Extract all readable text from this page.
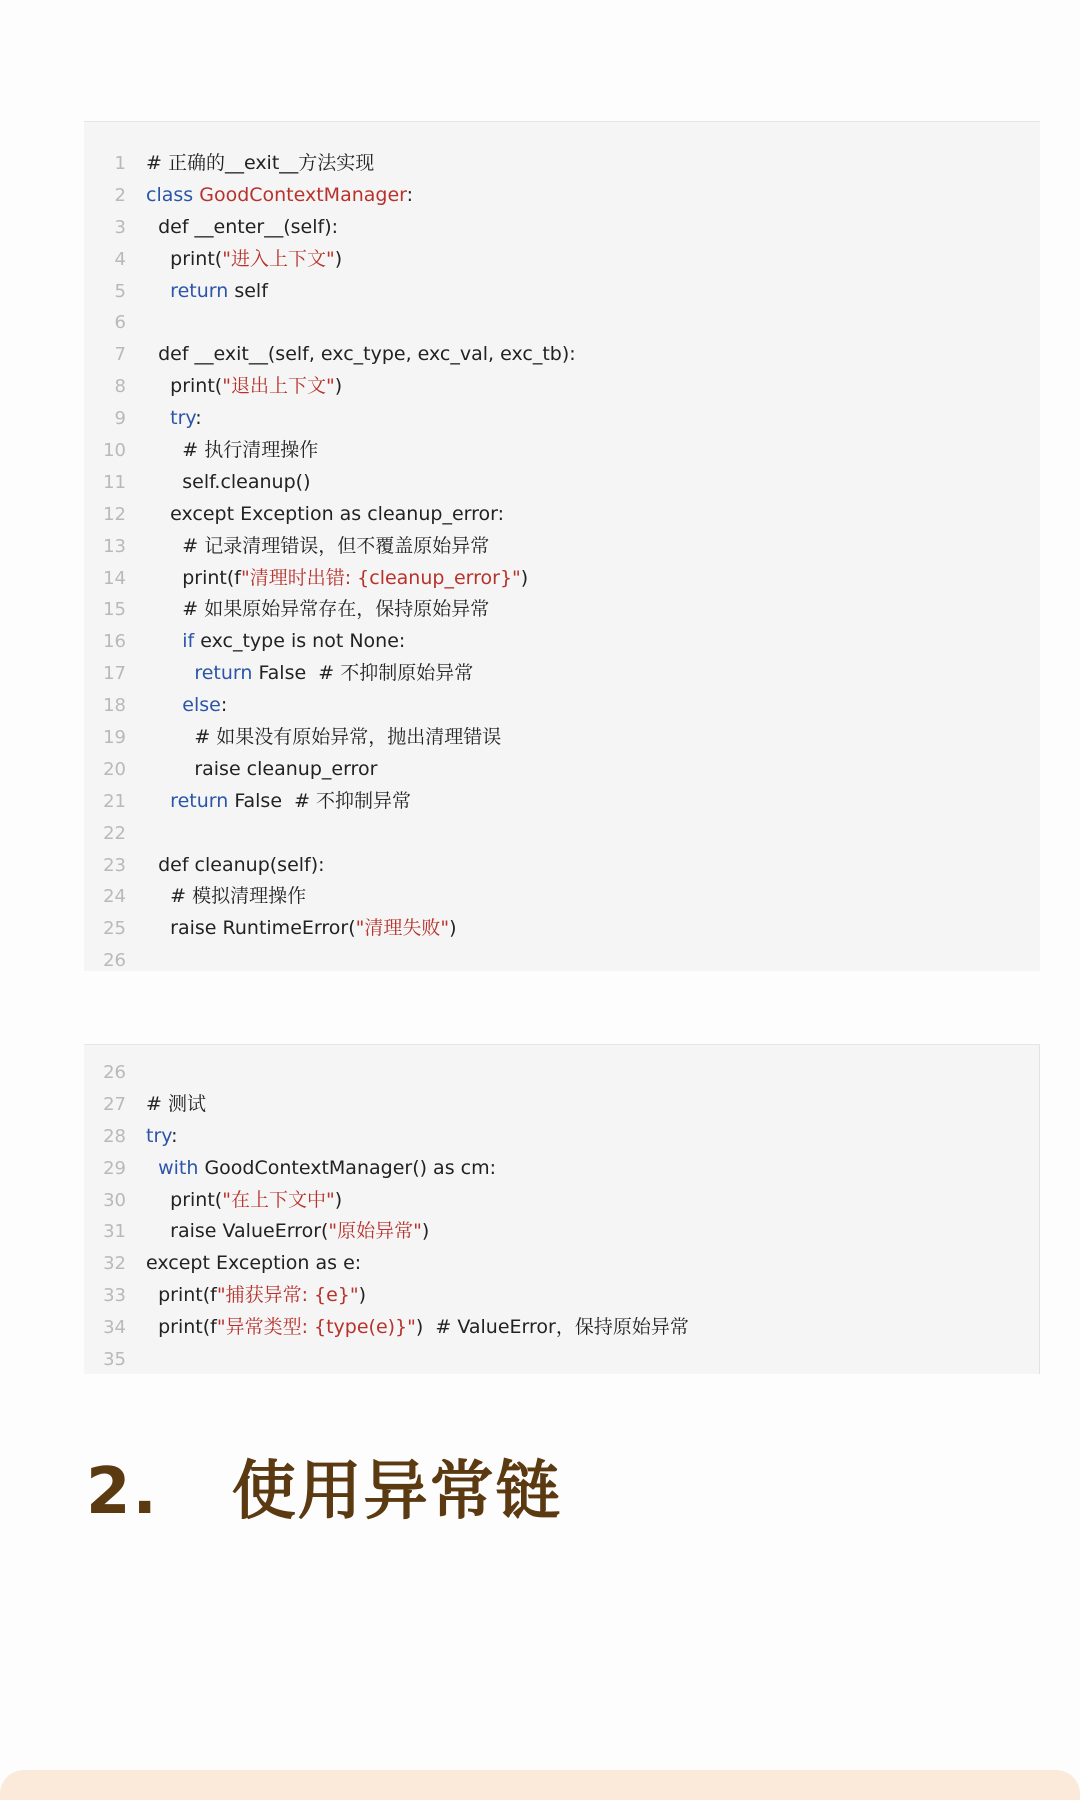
1 # 正确的__exit__方法实现
2 class GoodContextManager:
3 def __enter__(self):
4 print("进入上下文")
5	return self
6
7 def __exit__(self, exc_type, exc_val, exc_tb):
8 print("退出上下文")
9	try:
10 # 执行清理操作
11 self.cleanup()
12 except Exception as cleanup_error:
13 # 记录清理错误，但不覆盖原始异常
14 print(f"清理时出错: {cleanup_error}")
15 # 如果原始异常存在，保持原始异常
16	if exc_type is not None:
17	return False  # 不抑制原始异常
18	else:
19 # 如果没有原始异常，抛出清理错误
20 raise cleanup_error
21	return False  # 不抑制异常
22
23 def cleanup(self):
24 # 模拟清理操作
25 raise RuntimeError("清理失败")
26
26
27 # 测试
28 try:
29	with GoodContextManager() as cm:
30 print("在上下文中")
31 raise ValueError("原始异常")
32 except Exception as e:
33 print(f"捕获异常: {e}")
34 print(f"异常类型: {type(e)}")  # ValueError，保持原始异常
35
2.   使用异常链
